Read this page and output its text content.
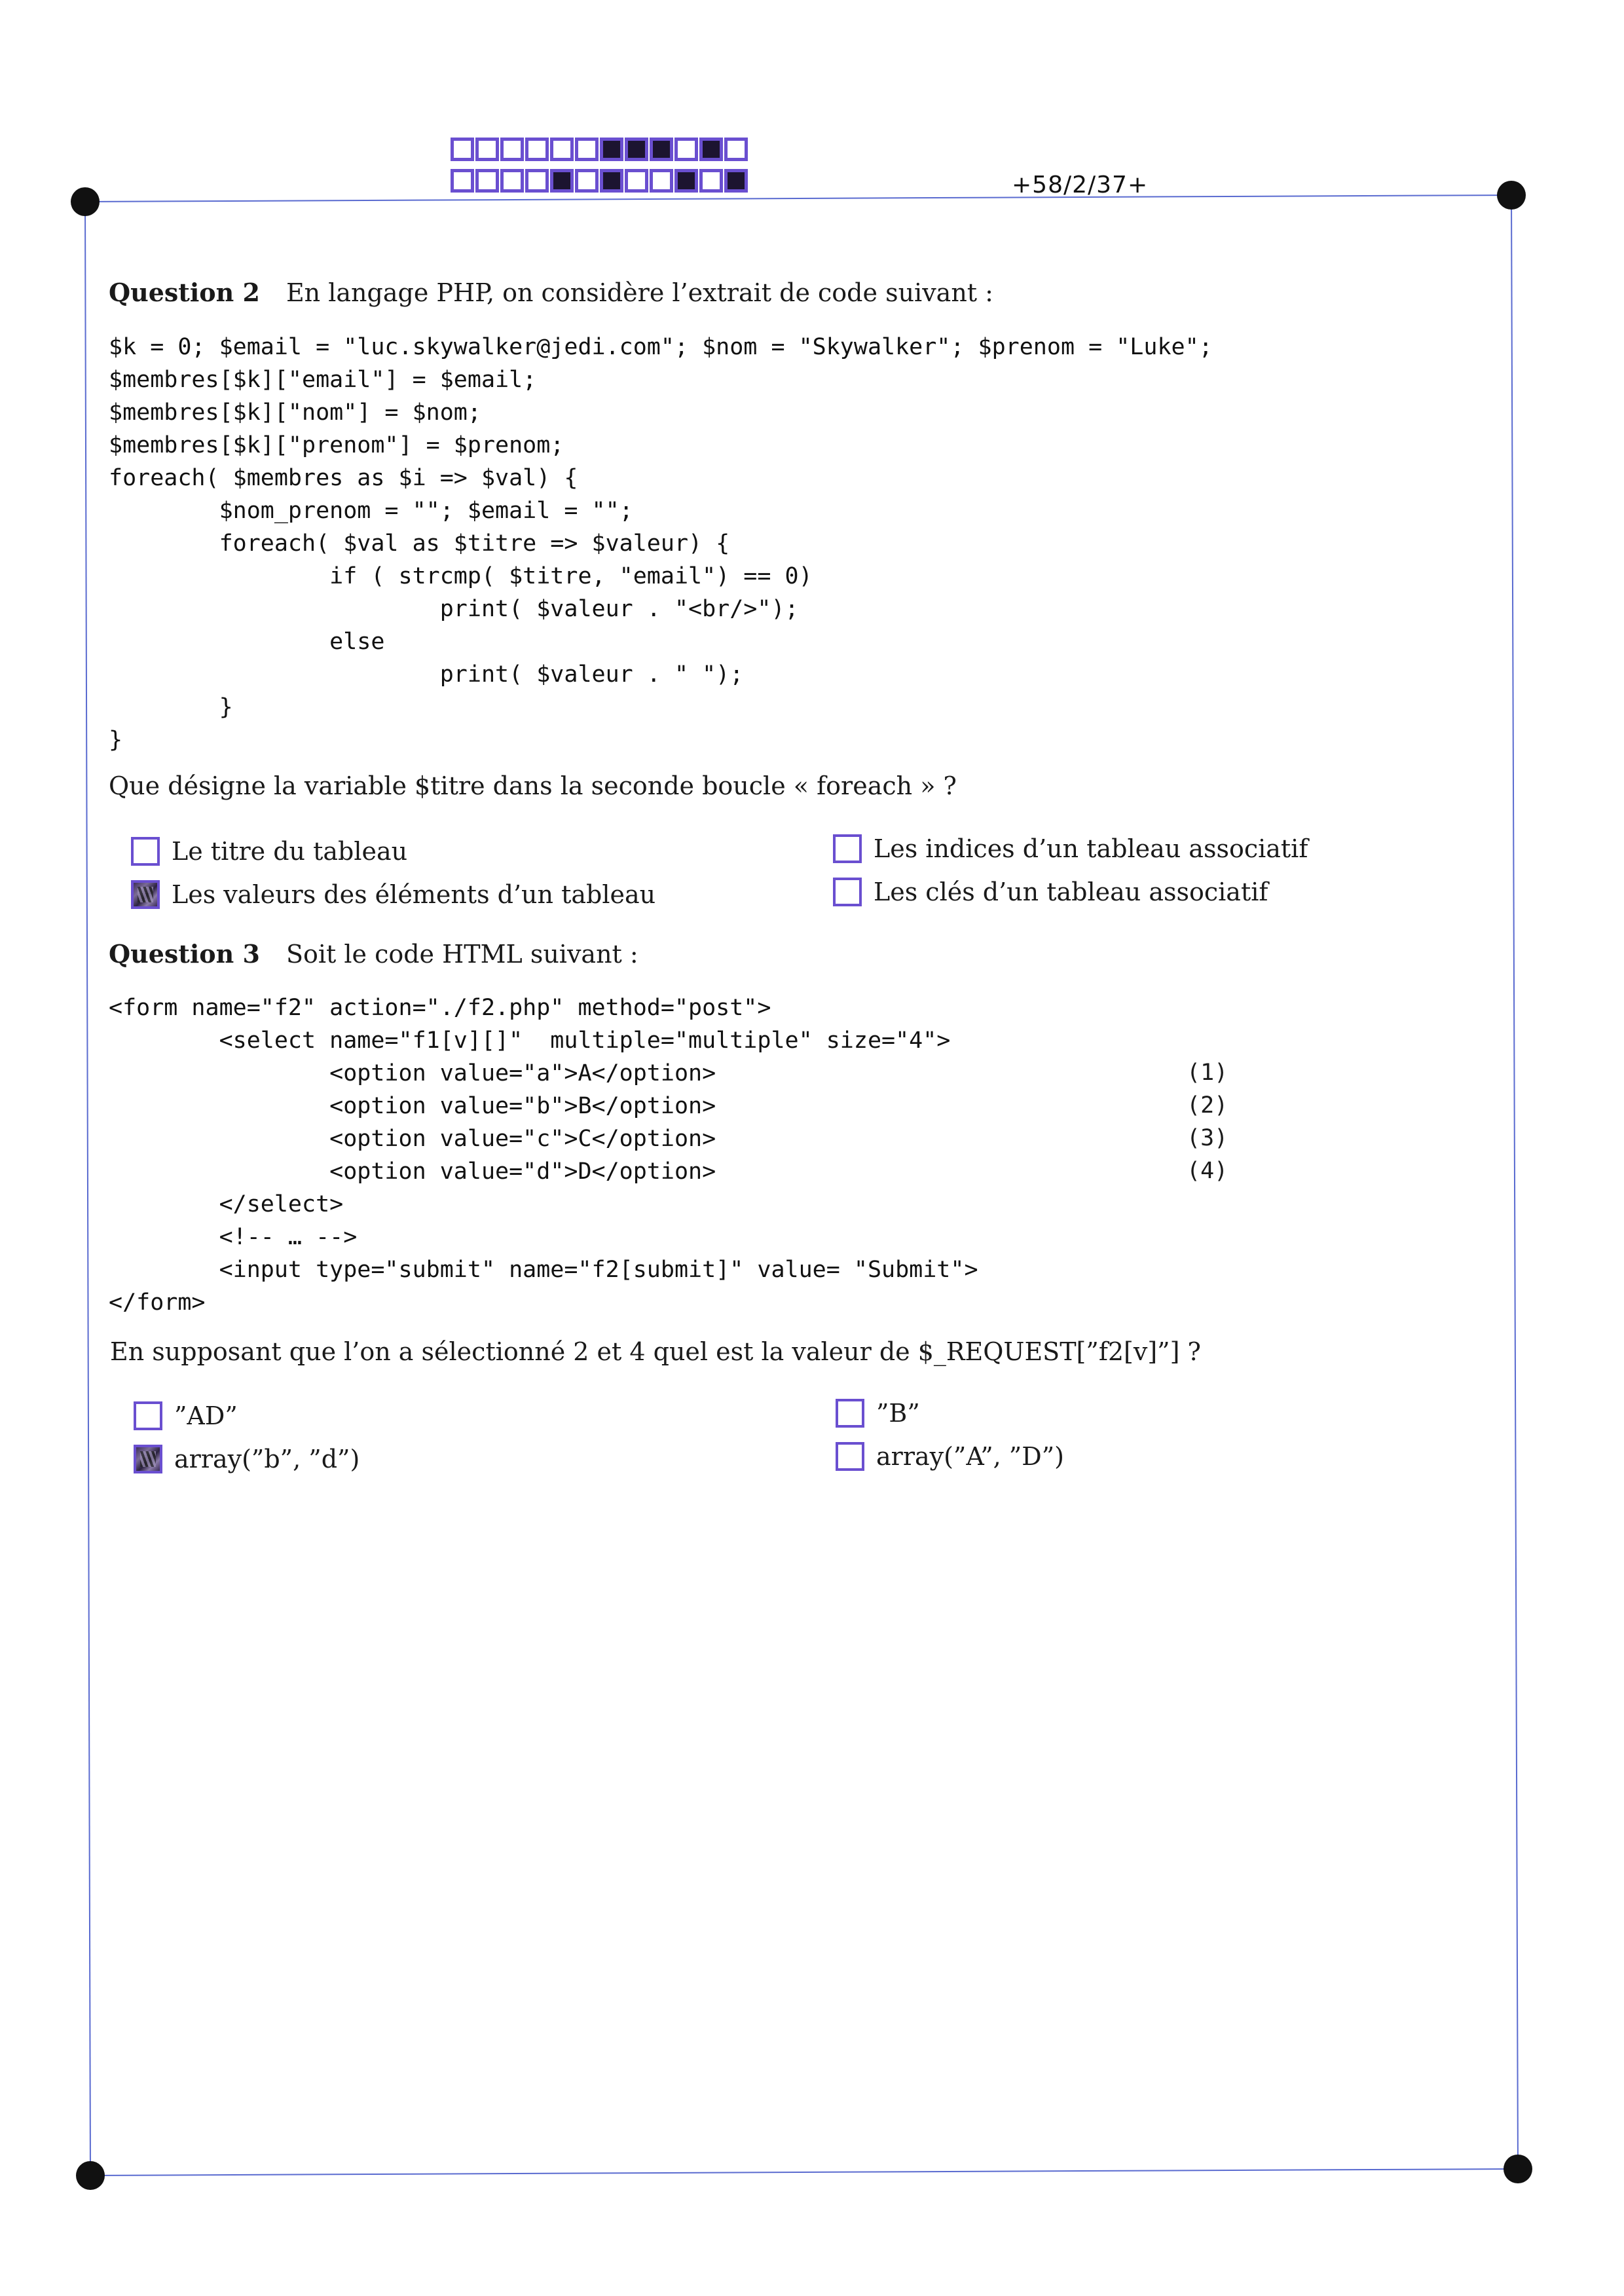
+58/2/37+
Question 2 En langage PHP, on considère l’extrait de code suivant :
$k = 0; $email = "luc.skywalker@jedi.com"; $nom = "Skywalker"; $prenom = "Luke";
$membres[$k]["email"] = $email;
$membres[$k]["nom"] = $nom;
$membres[$k]["prenom"] = $prenom;
foreach( $membres as $i => $val) {
$nom_prenom = ""; $email = "";
foreach( $val as $titre => $valeur) {
if ( strcmp( $titre, "email") == 0)
print( $valeur . "<br/>");
else
print( $valeur . " ");
}
}
Que désigne la variable $titre dans la seconde boucle « foreach » ?
Le titre du tableau
Les valeurs des éléments d’un tableau
Les indices d’un tableau associatif
Les clés d’un tableau associatif
Question 3 Soit le code HTML suivant :
<form name="f2" action="./f2.php" method="post">
<select name="f1[v][]"  multiple="multiple" size="4">
<option value="a">A</option>
<option value="b">B</option>
<option value="c">C</option>
<option value="d">D</option>
</select>
<!-- … -->
<input type="submit" name="f2[submit]" value= "Submit">
</form>
(1)
(2)
(3)
(4)
En supposant que l’on a sélectionné 2 et 4 quel est la valeur de $_REQUEST[”f2[v]”] ?
”AD”
array(”b”, ”d”)
”B”
array(”A”, ”D”)
